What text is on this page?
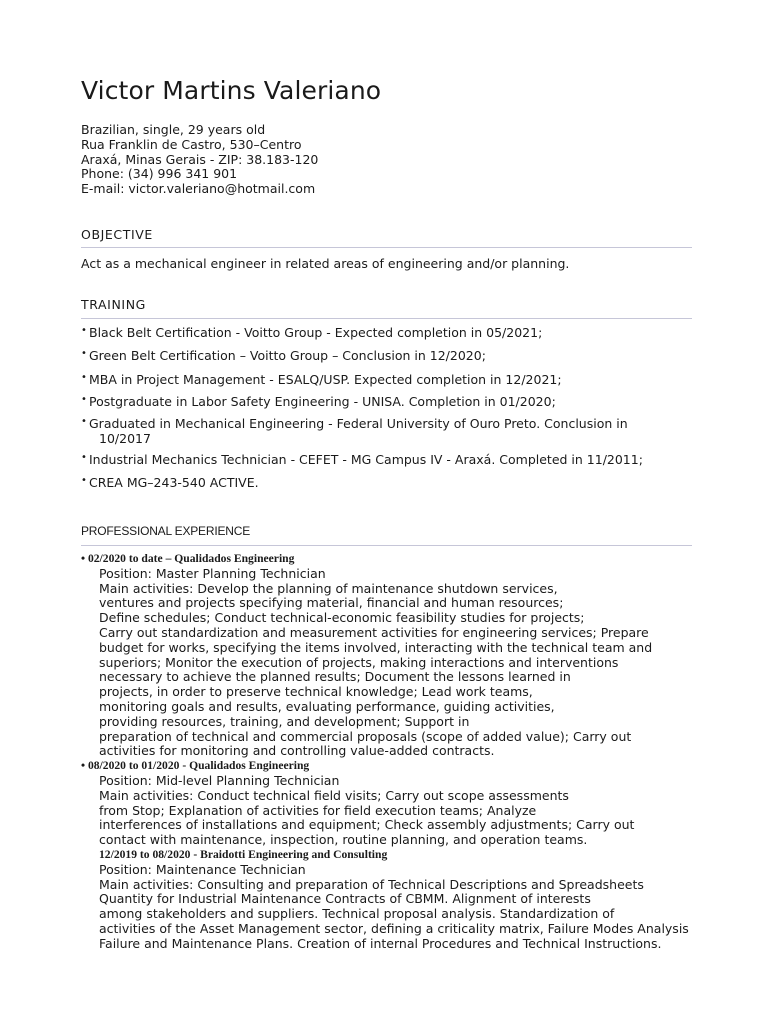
Victor Martins Valeriano
Brazilian, single, 29 years old
Rua Franklin de Castro, 530–Centro
Araxá, Minas Gerais - ZIP: 38.183-120
Phone: (34) 996 341 901
E-mail: victor.valeriano@hotmail.com
OBJECTIVE
Act as a mechanical engineer in related areas of engineering and/or planning.
TRAINING
• Black Belt Certification - Voitto Group - Expected completion in 05/2021;
• Green Belt Certification – Voitto Group – Conclusion in 12/2020;
• MBA in Project Management - ESALQ/USP. Expected completion in 12/2021;
• Postgraduate in Labor Safety Engineering - UNISA. Completion in 01/2020;
• Graduated in Mechanical Engineering - Federal University of Ouro Preto. Conclusion in
10/2017
• Industrial Mechanics Technician - CEFET - MG Campus IV - Araxá. Completed in 11/2011;
• CREA MG–243-540 ACTIVE.
PROFESSIONAL EXPERIENCE
• 02/2020 to date – Qualidados Engineering
Position: Master Planning Technician
Main activities: Develop the planning of maintenance shutdown services,
ventures and projects specifying material, financial and human resources;
Define schedules; Conduct technical-economic feasibility studies for projects;
Carry out standardization and measurement activities for engineering services; Prepare
budget for works, specifying the items involved, interacting with the technical team and
superiors; Monitor the execution of projects, making interactions and interventions
necessary to achieve the planned results; Document the lessons learned in
projects, in order to preserve technical knowledge; Lead work teams,
monitoring goals and results, evaluating performance, guiding activities,
providing resources, training, and development; Support in
preparation of technical and commercial proposals (scope of added value); Carry out
activities for monitoring and controlling value-added contracts.
• 08/2020 to 01/2020 - Qualidados Engineering
Position: Mid-level Planning Technician
Main activities: Conduct technical field visits; Carry out scope assessments
from Stop; Explanation of activities for field execution teams; Analyze
interferences of installations and equipment; Check assembly adjustments; Carry out
contact with maintenance, inspection, routine planning, and operation teams.
12/2019 to 08/2020 - Braidotti Engineering and Consulting
Position: Maintenance Technician
Main activities: Consulting and preparation of Technical Descriptions and Spreadsheets
Quantity for Industrial Maintenance Contracts of CBMM. Alignment of interests
among stakeholders and suppliers. Technical proposal analysis. Standardization of
activities of the Asset Management sector, defining a criticality matrix, Failure Modes Analysis
Failure and Maintenance Plans. Creation of internal Procedures and Technical Instructions.
